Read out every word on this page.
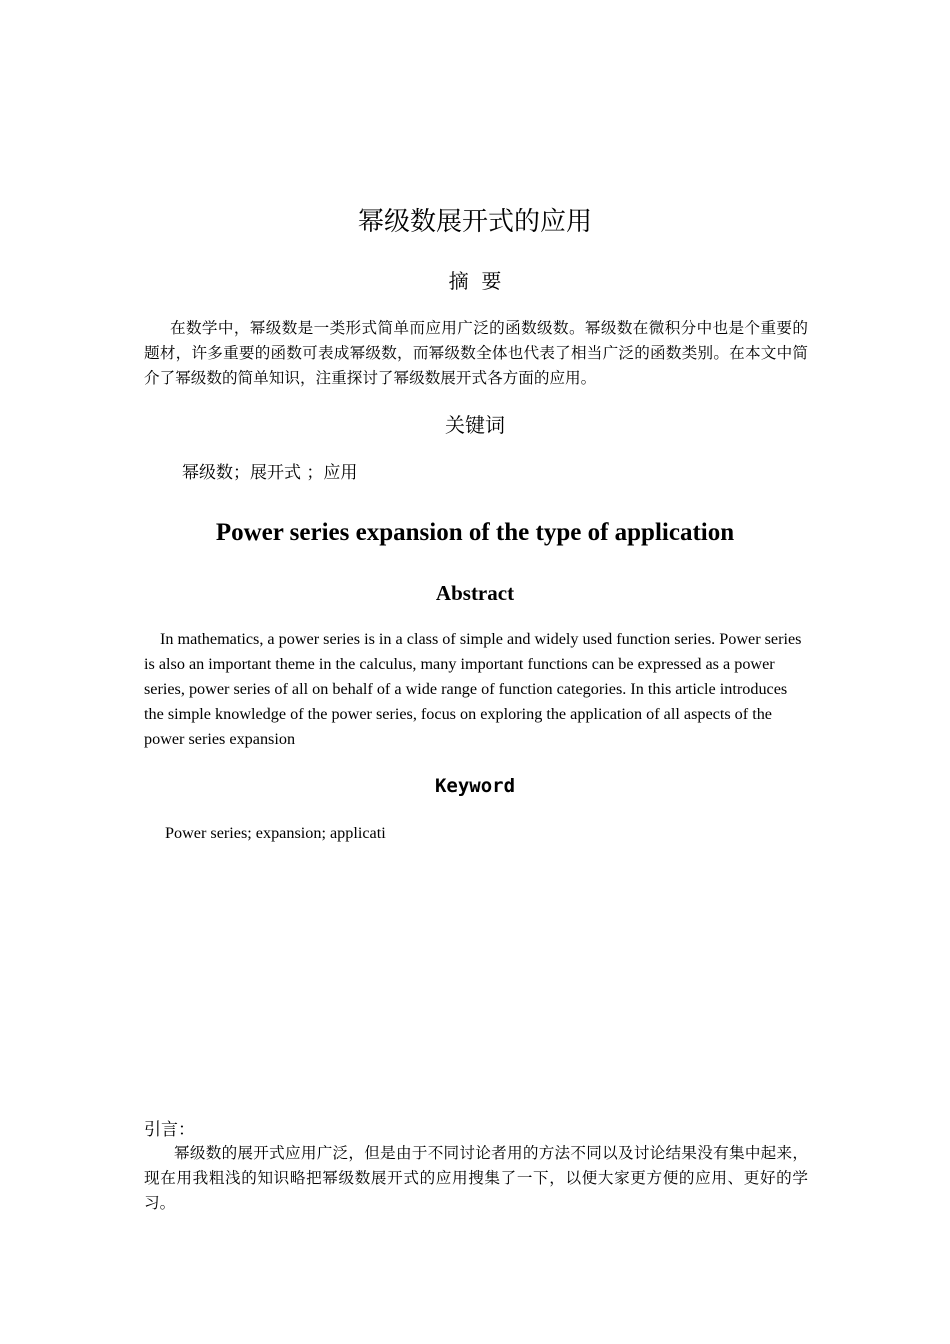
幂级数展开式的应用
摘  要

在数学中，幂级数是一类形式简单而应用广泛的函数级数。幂级数在微积分中也是个重要的题材，许多重要的函数可表成幂级数，而幂级数全体也代表了相当广泛的函数类别。在本文中简介了幂级数的简单知识，注重探讨了幂级数展开式各方面的应用。

关键词

幂级数；展开式 ；应用

Power series expansion of the type of application
Abstract

In mathematics, a power series is in a class of simple and widely used function series. Power series is also an important theme in the calculus, many important functions can be expressed as a power series, power series of all on behalf of a wide range of function categories. In this article introduces the simple knowledge of the power series, focus on exploring the application of all aspects of the power series expansion

Keyword

Power series; expansion; applicati

引言：

幂级数的展开式应用广泛，但是由于不同讨论者用的方法不同以及讨论结果没有集中起来，现在用我粗浅的知识略把幂级数展开式的应用搜集了一下，以便大家更方便的应用、更好的学习。
